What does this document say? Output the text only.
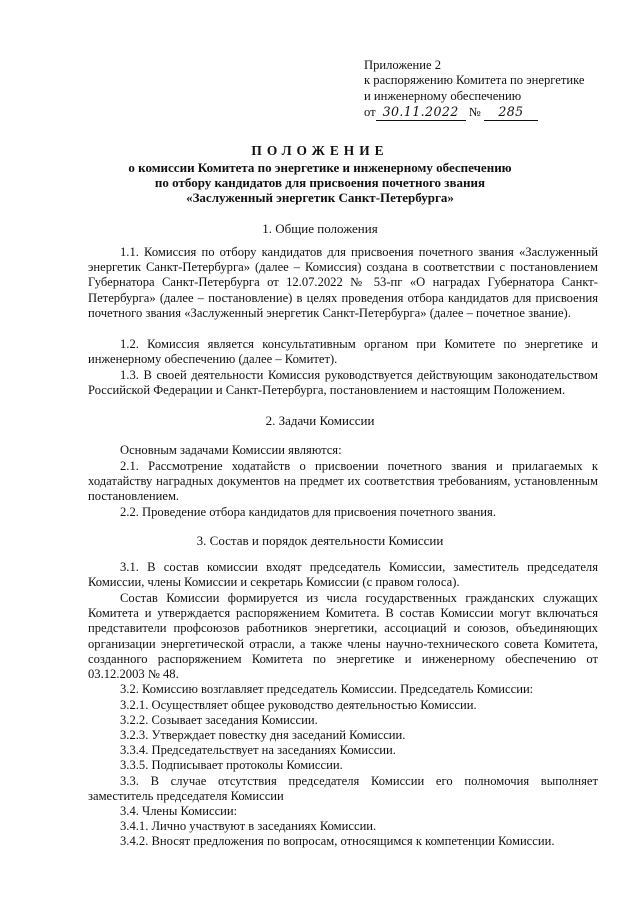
Приложение 2
к распоряжению Комитета по энергетике
и инженерному обеспечению
от 30.11.2022 № 285
ПОЛОЖЕНИЕ
о комиссии Комитета по энергетике и инженерному обеспечению
по отбору кандидатов для присвоения почетного звания
«Заслуженный энергетик Санкт-Петербурга»
1. Общие положения
1.1. Комиссия по отбору кандидатов для присвоения почетного звания «Заслуженный энергетик Санкт-Петербурга» (далее – Комиссия) создана в соответствии с постановлением Губернатора Санкт-Петербурга от 12.07.2022 № 53-пг «О наградах Губернатора Санкт-Петербурга» (далее – постановление) в целях проведения отбора кандидатов для присвоения почетного звания «Заслуженный энергетик Санкт-Петербурга» (далее – почетное звание).
1.2. Комиссия является консультативным органом при Комитете по энергетике и инженерному обеспечению (далее – Комитет).
1.3. В своей деятельности Комиссия руководствуется действующим законодательством Российской Федерации и Санкт-Петербурга, постановлением и настоящим Положением.
2. Задачи Комиссии
Основным задачами Комиссии являются:
2.1. Рассмотрение ходатайств о присвоении почетного звания и прилагаемых к ходатайству наградных документов на предмет их соответствия требованиям, установленным постановлением.
2.2. Проведение отбора кандидатов для присвоения почетного звания.
3. Состав и порядок деятельности Комиссии
3.1. В состав комиссии входят председатель Комиссии, заместитель председателя Комиссии, члены Комиссии и секретарь Комиссии (с правом голоса).
Состав Комиссии формируется из числа государственных гражданских служащих Комитета и утверждается распоряжением Комитета. В состав Комиссии могут включаться представители профсоюзов работников энергетики, ассоциаций и союзов, объединяющих организации энергетической отрасли, а также члены научно-технического совета Комитета, созданного распоряжением Комитета по энергетике и инженерному обеспечению от 03.12.2003 № 48.
3.2. Комиссию возглавляет председатель Комиссии. Председатель Комиссии:
3.2.1. Осуществляет общее руководство деятельностью Комиссии.
3.2.2. Созывает заседания Комиссии.
3.2.3. Утверждает повестку дня заседаний Комиссии.
3.3.4. Председательствует на заседаниях Комиссии.
3.3.5. Подписывает протоколы Комиссии.
3.3. В случае отсутствия председателя Комиссии его полномочия выполняет заместитель председателя Комиссии
3.4. Члены Комиссии:
3.4.1. Лично участвуют в заседаниях Комиссии.
3.4.2. Вносят предложения по вопросам, относящимся к компетенции Комиссии.
